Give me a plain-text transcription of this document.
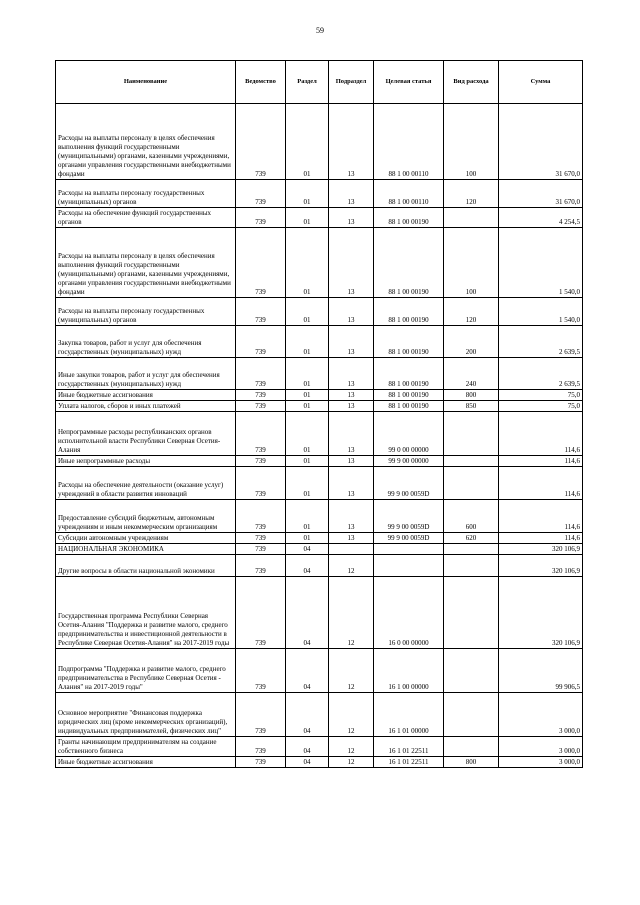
59
Наименование	Ведомство	Раздел	Подраздел	Целевая статья	Вид расхода	Сумма
Расходы на выплаты персоналу в целях обеспечения выполнения функций государственными (муниципальными) органами, казенными учреждениями, органами управления государственными внебюджетными фондами	739	01	13	88 1 00 00110	100	31 670,0
Расходы на выплаты персоналу государственных (муниципальных) органов	739	01	13	88 1 00 00110	120	31 670,0
Расходы на обеспечение функций государственных органов	739	01	13	88 1 00 00190		4 254,5
Расходы на выплаты персоналу в целях обеспечения выполнения функций государственными (муниципальными) органами, казенными учреждениями, органами управления государственными внебюджетными фондами	739	01	13	88 1 00 00190	100	1 540,0
Расходы на выплаты персоналу государственных (муниципальных) органов	739	01	13	88 1 00 00190	120	1 540,0
Закупка товаров, работ и услуг для обеспечения государственных (муниципальных) нужд	739	01	13	88 1 00 00190	200	2 639,5
Иные закупки товаров, работ и услуг для обеспечения государственных (муниципальных) нужд	739	01	13	88 1 00 00190	240	2 639,5
Иные бюджетные ассигнования	739	01	13	88 1 00 00190	800	75,0
Уплата налогов, сборов и иных платежей	739	01	13	88 1 00 00190	850	75,0
Непрограммные расходы республиканских органов исполнительной власти Республики Северная Осетия-Алания	739	01	13	99 0 00 00000		114,6
Иные непрограммные расходы	739	01	13	99 9 00 00000		114,6
Расходы на обеспечение деятельности (оказание услуг) учреждений в области развития инноваций	739	01	13	99 9 00 0059D		114,6
Предоставление субсидий бюджетным, автономным учреждениям и иным некоммерческим организациям	739	01	13	99 9 00 0059D	600	114,6
Субсидии автономным учреждениям	739	01	13	99 9 00 0059D	620	114,6
НАЦИОНАЛЬНАЯ ЭКОНОМИКА	739	04				320 106,9
Другие вопросы в области национальной экономики	739	04	12			320 106,9
Государственная программа Республики Северная Осетия-Алания "Поддержка и развитие малого, среднего предпринимательства и инвестиционной деятельности в Республике Северная Осетия-Алания" на 2017-2019 годы	739	04	12	16 0 00 00000		320 106,9
Подпрограмма "Поддержка и развитие малого, среднего предпринимательства в Республике Северная Осетия - Алания" на 2017-2019 годы"	739	04	12	16 1 00 00000		99 906,5
Основное мероприятие "Финансовая поддержка юридических лиц (кроме некоммерческих организаций), индивидуальных предпринимателей, физических лиц"	739	04	12	16 1 01 00000		3 000,0
Гранты начинающим предпринимателям на создание собственного бизнеса	739	04	12	16 1 01 22511		3 000,0
Иные бюджетные ассигнования	739	04	12	16 1 01 22511	800	3 000,0
